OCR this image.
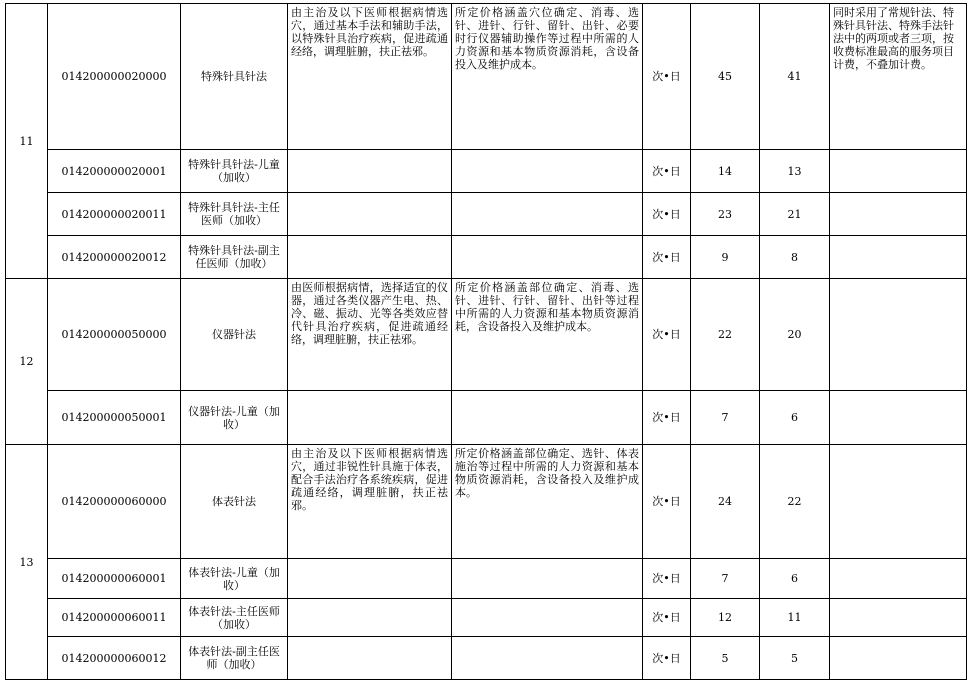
11	014200000020000	特殊针具针法	由主治及以下医师根据病情选穴，通过基本手法和辅助手法，以特殊针具治疗疾病，促进疏通经络，调理脏腑，扶正祛邪。	所定价格涵盖穴位确定、消毒、选针、进针、行针、留针、出针、必要时行仪器辅助操作等过程中所需的人力资源和基本物质资源消耗，含设备投入及维护成本。	次•日	45	41	同时采用了常规针法、特殊针具针法、特殊手法针法中的两项或者三项，按收费标准最高的服务项目计费，不叠加计费。
	014200000020001	特殊针具针法-儿童（加收）			次•日	14	13	
	014200000020011	特殊针具针法-主任医师（加收）			次•日	23	21	
	014200000020012	特殊针具针法-副主任医师（加收）			次•日	9	8	
12	014200000050000	仪器针法	由医师根据病情，选择适宜的仪器，通过各类仪器产生电、热、冷、磁、振动、光等各类效应替代针具治疗疾病，促进疏通经络，调理脏腑，扶正祛邪。	所定价格涵盖部位确定、消毒、选针、进针、行针、留针、出针等过程中所需的人力资源和基本物质资源消耗，含设备投入及维护成本。	次•日	22	20	
	014200000050001	仪器针法-儿童（加收）			次•日	7	6	
13	014200000060000	体表针法	由主治及以下医师根据病情选穴，通过非锐性针具施于体表，配合手法治疗各系统疾病，促进疏通经络，调理脏腑，扶正祛邪。	所定价格涵盖部位确定、选针、体表施治等过程中所需的人力资源和基本物质资源消耗，含设备投入及维护成本。	次•日	24	22	
	014200000060001	体表针法-儿童（加收）			次•日	7	6	
	014200000060011	体表针法-主任医师（加收）			次•日	12	11	
	014200000060012	体表针法-副主任医师（加收）			次•日	5	5	
